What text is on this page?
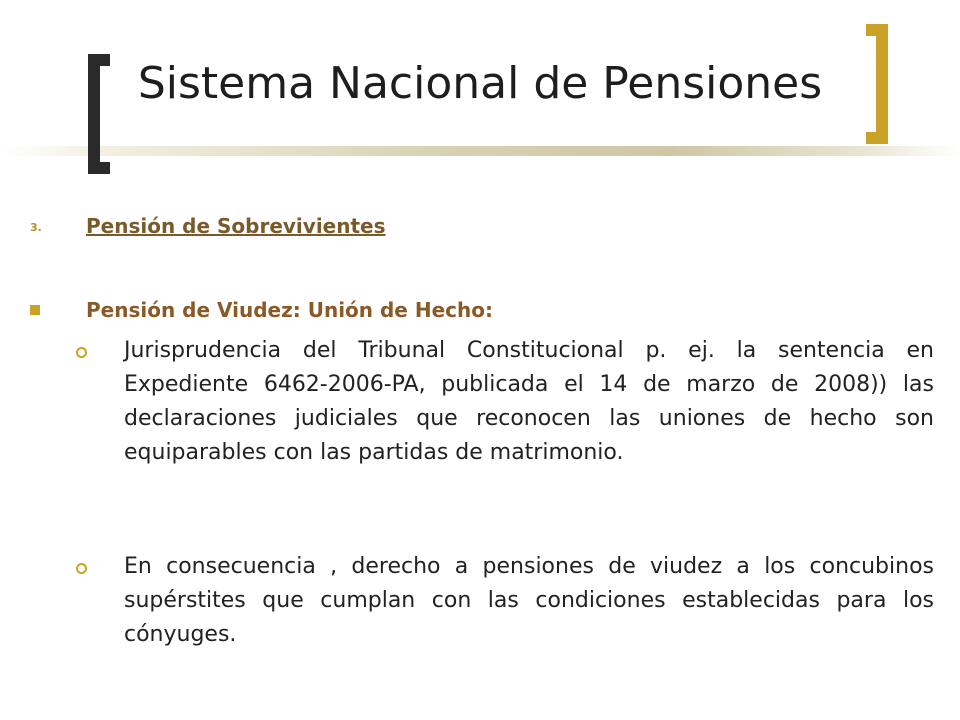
Sistema Nacional de Pensiones
3. Pensión de Sobrevivientes
Pensión de Viudez: Unión de Hecho:
Jurisprudencia del Tribunal Constitucional p. ej. la sentencia en Expediente 6462-2006-PA, publicada el 14 de marzo de 2008)) las declaraciones judiciales que reconocen las uniones de hecho son equiparables con las partidas de matrimonio.
En consecuencia , derecho a pensiones de viudez a los concubinos supérstites que cumplan con las condiciones establecidas para los cónyuges.
